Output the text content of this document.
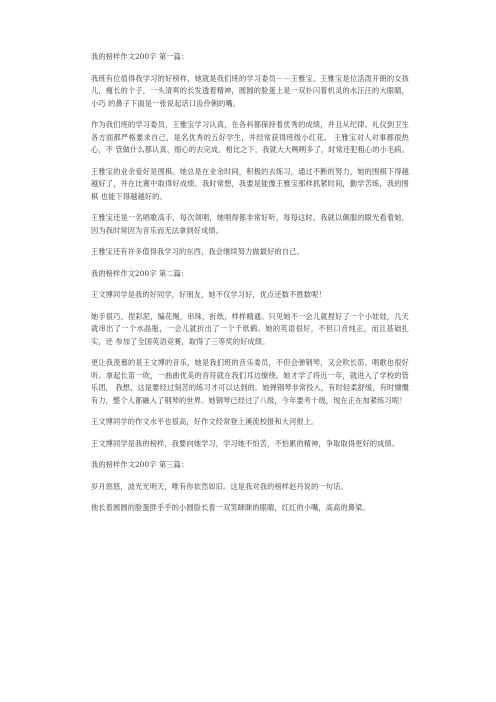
我的榜样作文200字 第一篇：

我班有位值得我学习的好榜样，她就是我们班的学习委员－－王雅宝。王雅宝是位活泼开朗的女孩儿，瘦长的个子，一头清爽的长发透着精神，圆圆的脸蛋上是一双扑闪着机灵的水汪汪的大眼睛，小巧 的鼻子下面是一张说起话口齿伶俐的嘴。

作为我们班的学习委员，王雅宝学习认真，在各科都保持着优秀的成绩，并且从纪律、礼仪到卫生各方面都严格要求自己，是名优秀的五好学生，并经常获得班级小红花。 王雅宝对人对事都很热心，不 管做什么都认真、细心的去完成，相比之下，我就大大咧咧多了，时常还犯粗心的小毛病。

王雅宝的业余爱好是围棋。她总是在业余时间，积极的去练习，通过不断的努力，她的围棋下得越越好了，并在比赛中取得好成绩。我时常想，我要是能像王雅宝那样抓紧时间，勤学苦练，我的围棋 也能下得越越好的。

王雅宝还是一名唱歌高手，每次领唱，她唱得都非常好听，每每这时，我就以佩服的眼光看着她，因为我时常因为音乐而无法拿到好成绩。

王雅宝还有许多值得我学习的东西，我会继续努力做最好的自己。

我的榜样作文200字 第二篇：

王文博同学是我的好同学，好朋友，她不仅学习好，优点还数不胜数呢！

她手很巧，捏彩泥，编花绳，串珠，折纸，样样精通。只见她不一会儿就捏好了一个小娃娃，几天就串出了一个水晶瓶，一会儿就折出了一个千纸鹤。她的英语很好，不但口音纯正，而且基础扎实，还 参加了全国英语竞赛，取得了三等奖的好成绩。

更让我羡慕的是王文博的音乐，她是我们班的音乐委员，不但会弹钢琴，又会吹长笛，唱歌也很好听。拿起长笛一吹，一曲曲优美的音符就在我们耳边缭绕。她才学了将近一年，就进入了学校的管乐团， 我想，这是要经过刻苦的练习才可以达到的。她弹钢琴非常投入，有时轻柔舒缓，有时慷慨有力，整个人都融入了钢琴的世界。她钢琴已经过了八级，今年要考十级，现在正在加紧练习呢！

王文博同学的作文水平也很高，好作文经常登上溪流校报和大河报上。

王文博同学是我的榜样，我要向她学习，学习她不怕苦，不怕累的精神，争取取得更好的成绩。

我的榜样作文200字 第三篇：

岁月悠悠，波光光明天，唯有你依然如旧。这是我对我的榜样赵丹说的一句话。

他长着圆圆的脸蛋胖乎乎的小圆脸长着一双笑眯眯的眼睛，红红的小嘴，高高的鼻梁。
